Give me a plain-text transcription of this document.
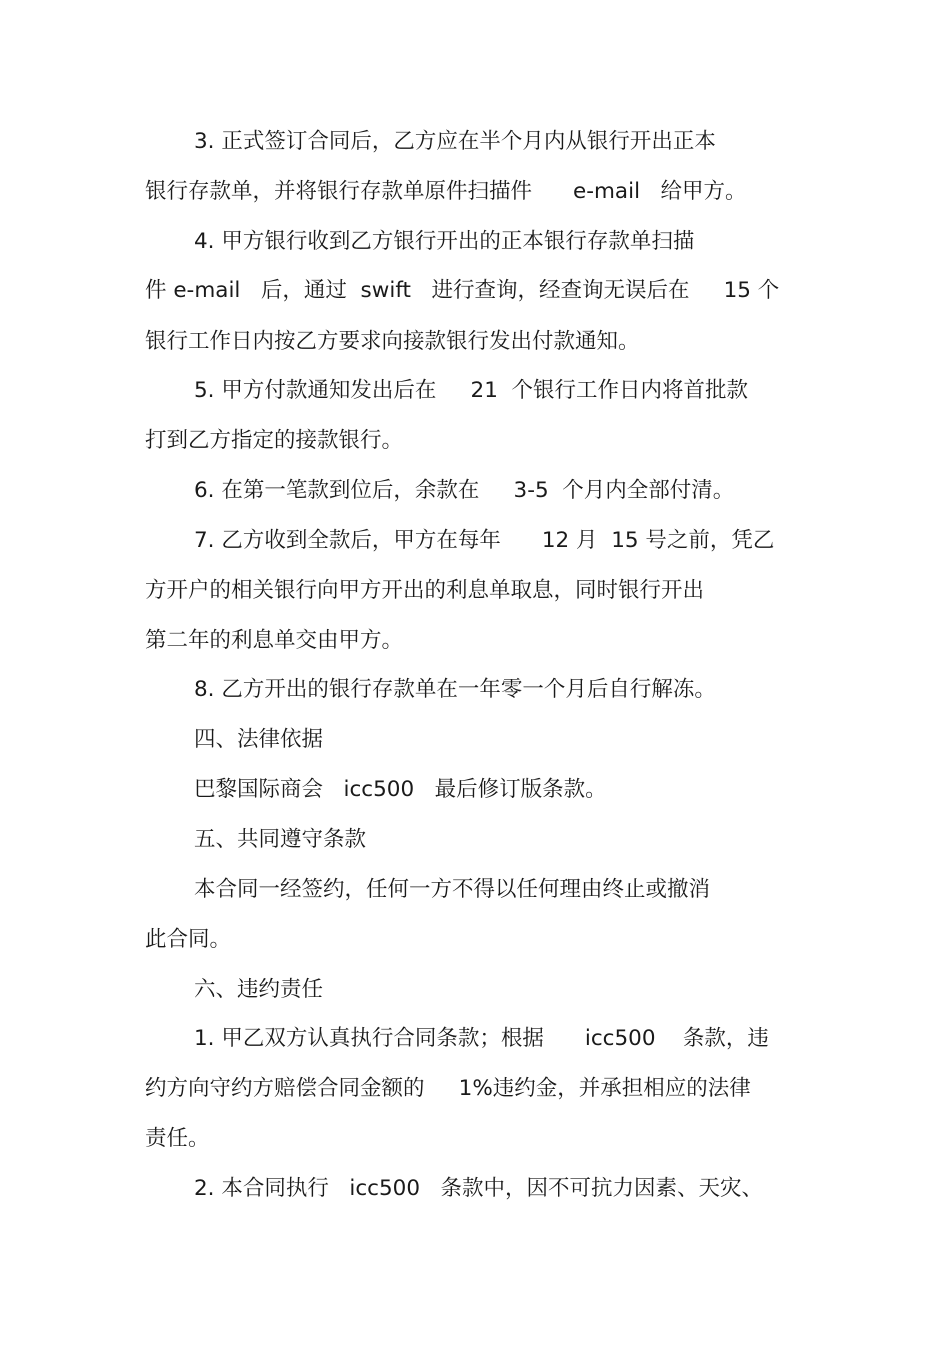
3. 正式签订合同后，乙方应在半个月内从银行开出正本

银行存款单，并将银行存款单原件扫描件      e-mail   给甲方。

4. 甲方银行收到乙方银行开出的正本银行存款单扫描

件 e-mail   后，通过  swift   进行查询，经查询无误后在     15 个

银行工作日内按乙方要求向接款银行发出付款通知。

5. 甲方付款通知发出后在     21  个银行工作日内将首批款

打到乙方指定的接款银行。

6. 在第一笔款到位后，余款在     3-5  个月内全部付清。

7. 乙方收到全款后，甲方在每年      12 月  15 号之前，凭乙

方开户的相关银行向甲方开出的利息单取息，同时银行开出

第二年的利息单交由甲方。

8. 乙方开出的银行存款单在一年零一个月后自行解冻。

四、法律依据

巴黎国际商会   icc500   最后修订版条款。

五、共同遵守条款

本合同一经签约，任何一方不得以任何理由终止或撤消

此合同。

六、违约责任

1. 甲乙双方认真执行合同条款；根据      icc500    条款，违

约方向守约方赔偿合同金额的     1%违约金，并承担相应的法律

责任。

2. 本合同执行   icc500   条款中，因不可抗力因素、天灾、
